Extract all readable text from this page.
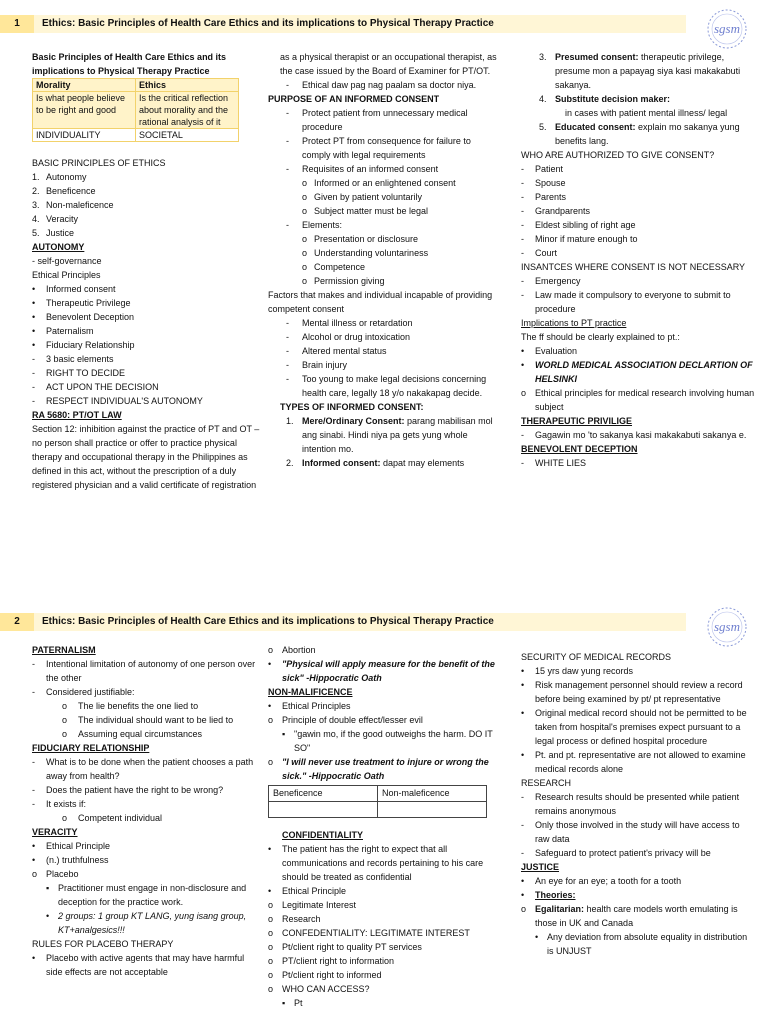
1	Ethics: Basic Principles of Health Care Ethics and its implications to Physical Therapy Practice	sgsm

Basic Principles of Health Care Ethics and its
implications to Physical Therapy Practice

Morality	Ethics
Is what people believe to be right and good	Is the critical reflection about morality and the rational analysis of it
INDIVIDUALITY	SOCIETAL

BASIC PRINCIPLES OF ETHICS

1. Autonomy
2. Beneficence
3. Non-maleficence
4. Veracity
5. Justice

AUTONOMY

- self-governance

Ethical Principles

• Informed consent
• Therapeutic Privilege
• Benevolent Deception
• Paternalism
• Fiduciary Relationship
- 3 basic elements
- RIGHT TO DECIDE
- ACT UPON THE DECISION
- RESPECT INDIVIDUAL'S AUTONOMY

RA 5680: PT/OT LAW

Section 12: inhibition against the practice of PT and OT – no person shall practice or offer to practice physical therapy and occupational therapy in the Philippines as defined in this act, without the prescription of a duly registered physician and a valid certificate of registration

as a physical therapist or an occupational therapist, as the case issued by the Board of Examiner for PT/OT.

- Ethical daw pag nag paalam sa doctor niya.

PURPOSE OF AN INFORMED CONSENT

- Protect patient from unnecessary medical procedure
- Protect PT from consequence for failure to comply with legal requirements
- Requisites of an informed consent
o Informed or an enlightened consent
o Given by patient voluntarily
o Subject matter must be legal
- Elements:
o Presentation or disclosure
o Understanding voluntariness
o Competence
o Permission giving

Factors that makes and individual incapable of providing competent consent

- Mental illness or retardation
- Alcohol or drug intoxication
- Altered mental status
- Brain injury
- Too young to make legal decisions concerning health care, legally 18 y/o nakakapag decide.

TYPES OF INFORMED CONSENT:

1. Mere/Ordinary Consent: parang mabilisan mol ang sinabi. Hindi niya pa gets yung whole intention mo.
2. Informed consent: dapat may elements
3. Presumed consent: therapeutic privilege, presume mon a papayag siya kasi makakabuti sakanya.
4. Substitute decision maker:

in cases with patient mental illness/ legal

5. Educated consent: explain mo sakanya yung benefits lang.

WHO ARE AUTHORIZED TO GIVE CONSENT?

- Patient
- Spouse
- Parents
- Grandparents
- Eldest sibling of right age
- Minor if mature enough to
- Court

INSANTCES WHERE CONSENT IS NOT NECESSARY

- Emergency
- Law made it compulsory to everyone to submit to procedure

Implications to PT practice

The ff should be clearly explained to pt.:

• Evaluation
• WORLD MEDICAL ASSOCIATION DECLARTION OF HELSINKI
o Ethical principles for medical research involving human subject

THERAPEUTIC PRIVILIGE

- Gagawin mo 'to sakanya kasi makakabuti sakanya e.

BENEVOLENT DECEPTION

- WHITE LIES
2	Ethics: Basic Principles of Health Care Ethics and its implications to Physical Therapy Practice	sgsm

PATERNALISM

- Intentional limitation of autonomy of one person over the other
- Considered justifiable:
o The lie benefits the one lied to
o The individual should want to be lied to
o Assuming equal circumstances

FIDUCIARY RELATIONSHIP

- What is to be done when the patient chooses a path away from health?
- Does the patient have the right to be wrong?
- It exists if:
o Competent individual

VERACITY

• Ethical Principle
• (n.) truthfulness
o Placebo
▪ Practitioner must engage in non-disclosure and deception for the practice work.
• 2 groups: 1 group KT LANG, yung isang group, KT+analgesics!!!

RULES FOR PLACEBO THERAPY

• Placebo with active agents that may have harmful side effects are not acceptable
o Abortion
• "Physical will apply measure for the benefit of the sick" -Hippocratic Oath

NON-MALIFICENCE

• Ethical Principles
o Principle of double effect/lesser evil
▪ "gawin mo, if the good outweighs the harm. DO IT SO"
o "I will never use treatment to injure or wrong the sick." -Hippocratic Oath
Beneficence	Non-maleficence

CONFIDENTIALITY

• The patient has the right to expect that all communications and records pertaining to his care should be treated as confidential
• Ethical Principle
o Legitimate Interest
o Research
o CONFEDENTIALITY: LEGITIMATE INTEREST
o Pt/client right to quality PT services
o PT/client right to information
o Pt/client right to informed
o WHO CAN ACCESS?
▪ Pt

SECURITY OF MEDICAL RECORDS

• 15 yrs daw yung records
• Risk management personnel should review a record before being examined by pt/ pt representative
• Original medical record should not be permitted to be taken from hospital's premises expect pursuant to a legal process or defined hospital procedure
• Pt. and pt. representative are not allowed to examine medical records alone

RESEARCH

- Research results should be presented while patient remains anonymous
- Only those involved in the study will have access to raw data
- Safeguard to protect patient's privacy will be

JUSTICE

• An eye for an eye; a tooth for a tooth
• Theories:
o Egalitarian: health care models worth emulating is those in UK and Canada
• Any deviation from absolute equality in distribution is UNJUST
